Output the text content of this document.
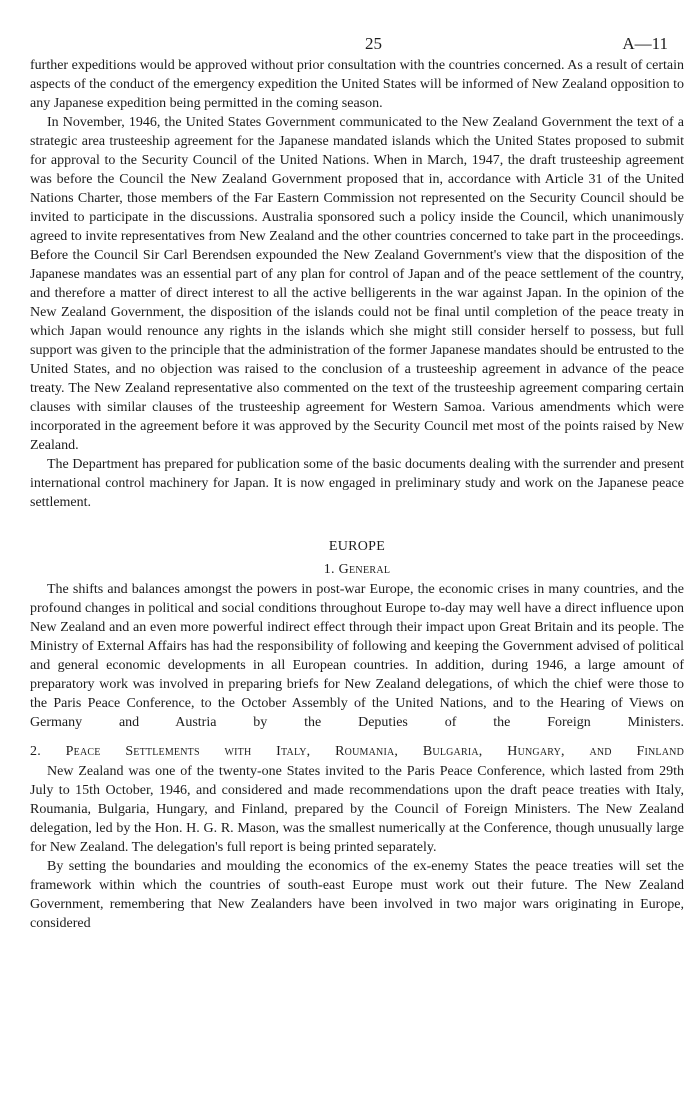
25	A—11

further expeditions would be approved without prior consultation with the countries concerned. As a result of certain aspects of the conduct of the emergency expedition the United States will be informed of New Zealand opposition to any Japanese expedition being permitted in the coming season.

In November, 1946, the United States Government communicated to the New Zealand Government the text of a strategic area trusteeship agreement for the Japanese mandated islands which the United States proposed to submit for approval to the Security Council of the United Nations. When in March, 1947, the draft trusteeship agreement was before the Council the New Zealand Government proposed that in, accordance with Article 31 of the United Nations Charter, those members of the Far Eastern Commission not represented on the Security Council should be invited to participate in the discussions. Australia sponsored such a policy inside the Council, which unanimously agreed to invite representatives from New Zealand and the other countries concerned to take part in the proceedings. Before the Council Sir Carl Berendsen expounded the New Zealand Government's view that the disposition of the Japanese mandates was an essential part of any plan for control of Japan and of the peace settlement of the country, and therefore a matter of direct interest to all the active belligerents in the war against Japan. In the opinion of the New Zealand Government, the disposition of the islands could not be final until completion of the peace treaty in which Japan would renounce any rights in the islands which she might still consider herself to possess, but full support was given to the principle that the administration of the former Japanese mandates should be entrusted to the United States, and no objection was raised to the conclusion of a trusteeship agreement in advance of the peace treaty. The New Zealand representative also commented on the text of the trusteeship agreement comparing certain clauses with similar clauses of the trusteeship agreement for Western Samoa. Various amendments which were incorporated in the agreement before it was approved by the Security Council met most of the points raised by New Zealand.

The Department has prepared for publication some of the basic documents dealing with the surrender and present international control machinery for Japan. It is now engaged in preliminary study and work on the Japanese peace settlement.

EUROPE
1. General

The shifts and balances amongst the powers in post-war Europe, the economic crises in many countries, and the profound changes in political and social conditions throughout Europe to-day may well have a direct influence upon New Zealand and an even more powerful indirect effect through their impact upon Great Britain and its people. The Ministry of External Affairs has had the responsibility of following and keeping the Government advised of political and general economic developments in all European countries. In addition, during 1946, a large amount of preparatory work was involved in preparing briefs for New Zealand delegations, of which the chief were those to the Paris Peace Conference, to the October Assembly of the United Nations, and to the Hearing of Views on Germany and Austria by the Deputies of the Foreign Ministers.

2. Peace Settlements with Italy, Roumania, Bulgaria, Hungary, and Finland

New Zealand was one of the twenty-one States invited to the Paris Peace Conference, which lasted from 29th July to 15th October, 1946, and considered and made recommendations upon the draft peace treaties with Italy, Roumania, Bulgaria, Hungary, and Finland, prepared by the Council of Foreign Ministers. The New Zealand delegation, led by the Hon. H. G. R. Mason, was the smallest numerically at the Conference, though unusually large for New Zealand. The delegation's full report is being printed separately.

By setting the boundaries and moulding the economics of the ex-enemy States the peace treaties will set the framework within which the countries of south-east Europe must work out their future. The New Zealand Government, remembering that New Zealanders have been involved in two major wars originating in Europe, considered
